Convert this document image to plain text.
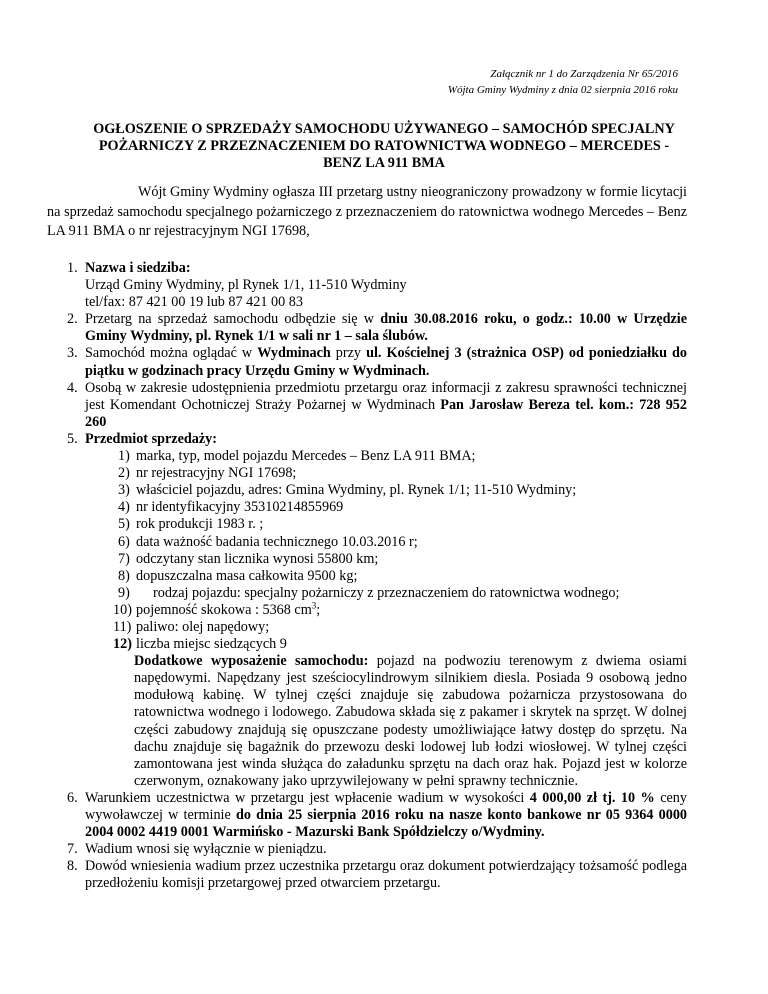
Załącznik nr 1 do Zarządzenia Nr 65/2016
Wójta Gminy Wydminy z dnia 02 sierpnia 2016 roku
OGŁOSZENIE O SPRZEDAŻY SAMOCHODU UŻYWANEGO – SAMOCHÓD SPECJALNY POŻARNICZY Z PRZEZNACZENIEM DO RATOWNICTWA WODNEGO – MERCEDES -BENZ LA 911 BMA
Wójt Gminy Wydminy ogłasza III przetarg ustny nieograniczony prowadzony w formie licytacji na sprzedaż samochodu specjalnego pożarniczego z przeznaczeniem do ratownictwa wodnego Mercedes – Benz LA 911 BMA o nr rejestracyjnym NGI 17698,
1. Nazwa i siedziba:
Urząd Gminy Wydminy, pl Rynek 1/1, 11-510 Wydminy
tel/fax: 87 421 00 19 lub 87 421 00 83
2. Przetarg na sprzedaż samochodu odbędzie się w dniu 30.08.2016 roku, o godz.: 10.00 w Urzędzie Gminy Wydminy, pl. Rynek 1/1 w sali nr 1 – sala ślubów.
3. Samochód można oglądać w Wydminach przy ul. Kościelnej 3 (strażnica OSP) od poniedziałku do piątku w godzinach pracy Urzędu Gminy w Wydminach.
4. Osobą w zakresie udostępnienia przedmiotu przetargu oraz informacji z zakresu sprawności technicznej jest Komendant Ochotniczej Straży Pożarnej w Wydminach Pan Jarosław Bereza tel. kom.: 728 952 260
5. Przedmiot sprzedaży:
1) marka, typ, model pojazdu Mercedes – Benz LA 911 BMA;
2) nr rejestracyjny NGI 17698;
3) właściciel pojazdu, adres: Gmina Wydminy, pl. Rynek 1/1; 11-510 Wydminy;
4) nr identyfikacyjny 35310214855969
5) rok produkcji 1983 r. ;
6) data ważność badania technicznego 10.03.2016 r;
7) odczytany stan licznika wynosi 55800 km;
8) dopuszczalna masa całkowita 9500 kg;
9) rodzaj pojazdu: specjalny pożarniczy z przeznaczeniem do ratownictwa wodnego;
10) pojemność skokowa : 5368 $cm^3$;
11) paliwo: olej napędowy;
12) liczba miejsc siedzących 9
Dodatkowe wyposażenie samochodu: pojazd na podwoziu terenowym z dwiema osiami napędowymi. Napędzany jest sześciocylindrowym silnikiem diesla. Posiada 9 osobową jedno modułową kabinę. W tylnej części znajduje się zabudowa pożarnicza przystosowana do ratownictwa wodnego i lodowego. Zabudowa składa się z pakamer i skrytek na sprzęt. W dolnej części zabudowy znajdują się opuszczane podesty umożliwiające łatwy dostęp do sprzętu. Na dachu znajduje się bagażnik do przewozu deski lodowej lub łodzi wiosłowej. W tylnej części zamontowana jest winda służąca do załadunku sprzętu na dach oraz hak. Pojazd jest w kolorze czerwonym, oznakowany jako uprzywilejowany w pełni sprawny technicznie.
6. Warunkiem uczestnictwa w przetargu jest wpłacenie wadium w wysokości 4 000,00 zł tj. 10 % ceny wywoławczej w terminie do dnia 25 sierpnia 2016 roku na nasze konto bankowe nr 05 9364 0000 2004 0002 4419 0001 Warmińsko - Mazurski Bank Spółdzielczy o/Wydminy.
7. Wadium wnosi się wyłącznie w pieniądzu.
8. Dowód wniesienia wadium przez uczestnika przetargu oraz dokument potwierdzający tożsamość podlega przedłożeniu komisji przetargowej przed otwarciem przetargu.
